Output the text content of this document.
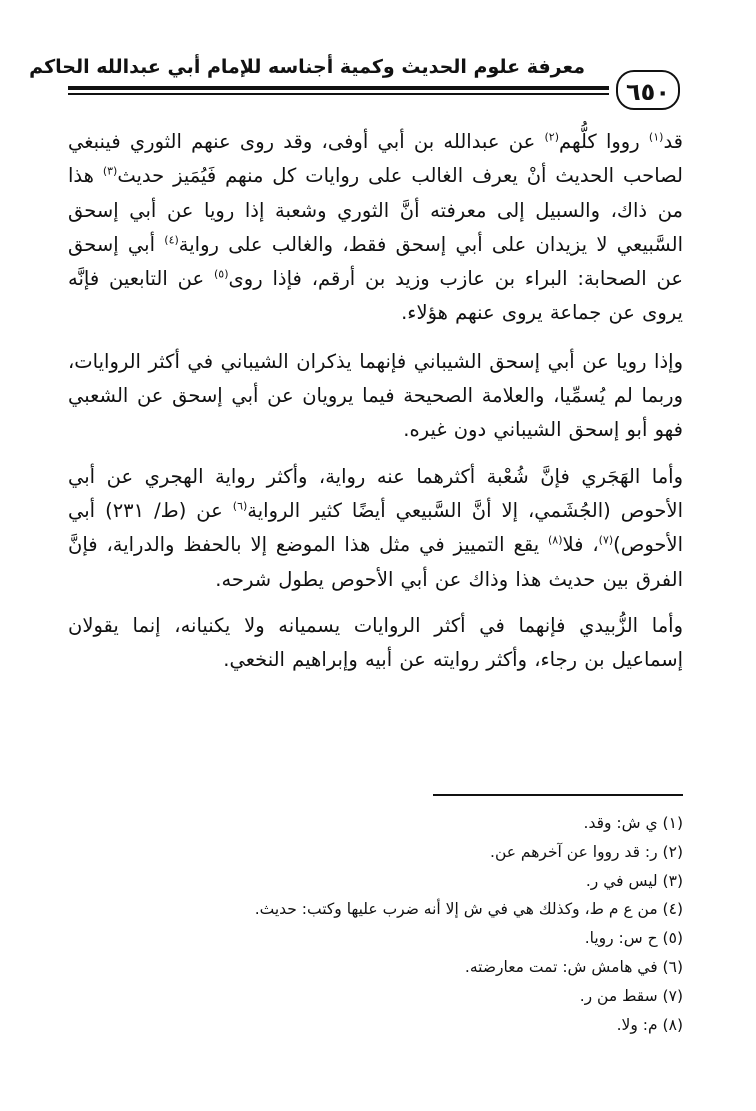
معرفة علوم الحديث وكمية أجناسه للإمام أبي عبدالله الحاكم
٦٥٠

قد$^{(١)}$ رووا كلُّهم$^{(٢)}$ عن عبدالله بن أبي أوفى، وقد روى عنهم الثوري فينبغي لصاحب الحديث أنْ يعرف الغالب على روايات كل منهم فَيُمَيز حديث$^{(٣)}$ هذا من ذاك، والسبيل إلى معرفته أنَّ الثوري وشعبة إذا رويا عن أبي إسحق السَّبيعي لا يزيدان على أبي إسحق فقط، والغالب على رواية$^{(٤)}$ أبي إسحق عن الصحابة: البراء بن عازب وزيد بن أرقم، فإذا روى$^{(٥)}$ عن التابعين فإنَّه يروى عن جماعة يروى عنهم هؤلاء.

وإذا رويا عن أبي إسحق الشيباني فإنهما يذكران الشيباني في أكثر الروايات، وربما لم يُسمِّيا، والعلامة الصحيحة فيما يرويان عن أبي إسحق عن الشعبي فهو أبو إسحق الشيباني دون غيره.

وأما الهَجَري فإنَّ شُعْبة أكثرهما عنه رواية، وأكثر رواية الهجري عن أبي الأحوص (الجُشَمي، إلا أنَّ السَّبيعي أيضًا كثير الرواية$^{(٦)}$ عن (ط/ ٢٣١) أبي الأحوص)$^{(٧)}$، فلا$^{(٨)}$ يقع التمييز في مثل هذا الموضع إلا بالحفظ والدراية، فإنَّ الفرق بين حديث هذا وذاك عن أبي الأحوص يطول شرحه.

وأما الزُّبيدي فإنهما في أكثر الروايات يسميانه ولا يكنيانه، إنما يقولان إسماعيل بن رجاء، وأكثر روايته عن أبيه وإبراهيم النخعي.

(١) ي ش: وقد.
(٢) ر: قد رووا عن آخرهم عن.
(٣) ليس في ر.
(٤) من ع م ط، وكذلك هي في ش إلا أنه ضرب عليها وكتب: حديث.
(٥) ح س: رويا.
(٦) في هامش ش: تمت معارضته.
(٧) سقط من ر.
(٨) م: ولا.
